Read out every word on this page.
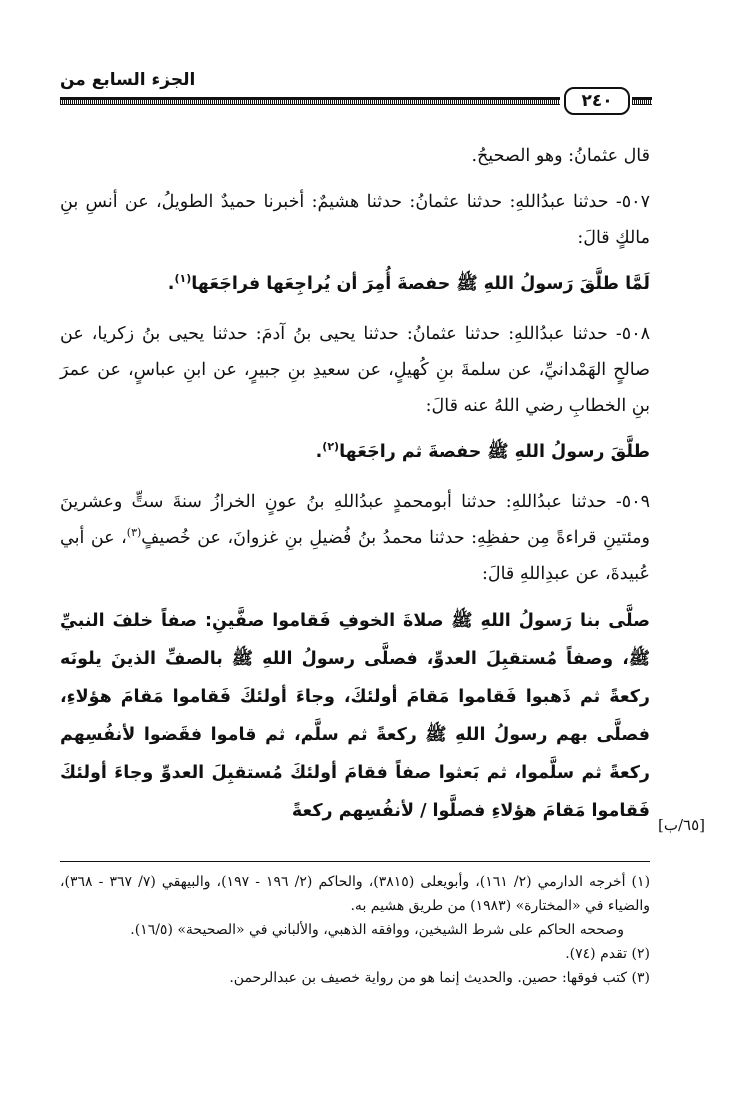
الجزء السابع من
٢٤٠

قال عثمانُ: وهو الصحيحُ.

٥٠٧- حدثنا عبدُاللهِ: حدثنا عثمانُ: حدثنا هشيمٌ: أخبرنا حميدٌ الطويلُ، عن أنسِ بنِ مالكٍ قالَ:

لَمَّا طلَّقَ رَسولُ اللهِ ﷺ حفصةَ أُمِرَ أن يُراجِعَها فراجَعَها$^{(١)}$.

٥٠٨- حدثنا عبدُاللهِ: حدثنا عثمانُ: حدثنا يحيى بنُ آدمَ: حدثنا يحيى بنُ زكريا، عن صالحٍ الهَمْدانيِّ، عن سلمةَ بنِ كُهيلٍ، عن سعيدِ بنِ جبيرٍ، عن ابنِ عباسٍ، عن عمرَ بنِ الخطابِ رضي اللهُ عنه قالَ:

طلَّقَ رسولُ اللهِ ﷺ حفصةَ ثم راجَعَها$^{(٢)}$.

٥٠٩- حدثنا عبدُاللهِ: حدثنا أبومحمدٍ عبدُاللهِ بنُ عونٍ الخرازُ سنةَ ستٍّ وعشرينَ ومئتينِ قراءةً مِن حفظِهِ: حدثنا محمدُ بنُ فُضيلِ بنِ غزوانَ، عن خُصيفٍ$^{(٣)}$، عن أبي عُبيدةَ، عن عبدِاللهِ قالَ:

صلَّى بنا رَسولُ اللهِ ﷺ صلاةَ الخوفِ فَقاموا صفَّينِ: صفاً خلفَ النبيِّ ﷺ، وصفاً مُستقبِلَ العدوِّ، فصلَّى رسولُ اللهِ ﷺ بالصفِّ الذينَ يلونَه ركعةً ثم ذَهبوا فَقاموا مَقامَ أولئكَ، وجاءَ أولئكَ فَقاموا مَقامَ هؤلاءِ، فصلَّى بهم رسولُ اللهِ ﷺ ركعةً ثم سلَّم، ثم قاموا فقَضوا لأنفُسِهم ركعةً ثم سلَّموا، ثم بَعثوا صفاً فقامَ أولئكَ مُستقبِلَ العدوِّ وجاءَ أولئكَ فَقاموا مَقامَ هؤلاءِ فصلَّوا / لأنفُسِهم ركعةً

[٦٥/ب]

(١) أخرجه الدارمي (٢/ ١٦١)، وأبويعلى (٣٨١٥)، والحاكم (٢/ ١٩٦ - ١٩٧)، والبيهقي (٧/ ٣٦٧ - ٣٦٨)، والضياء في «المختارة» (١٩٨٣) من طريق هشيم به.

وصححه الحاكم على شرط الشيخين، ووافقه الذهبي، والألباني في «الصحيحة» (١٦/٥).

(٢) تقدم (٧٤).

(٣) كتب فوقها: حصين. والحديث إنما هو من رواية خصيف بن عبدالرحمن.
